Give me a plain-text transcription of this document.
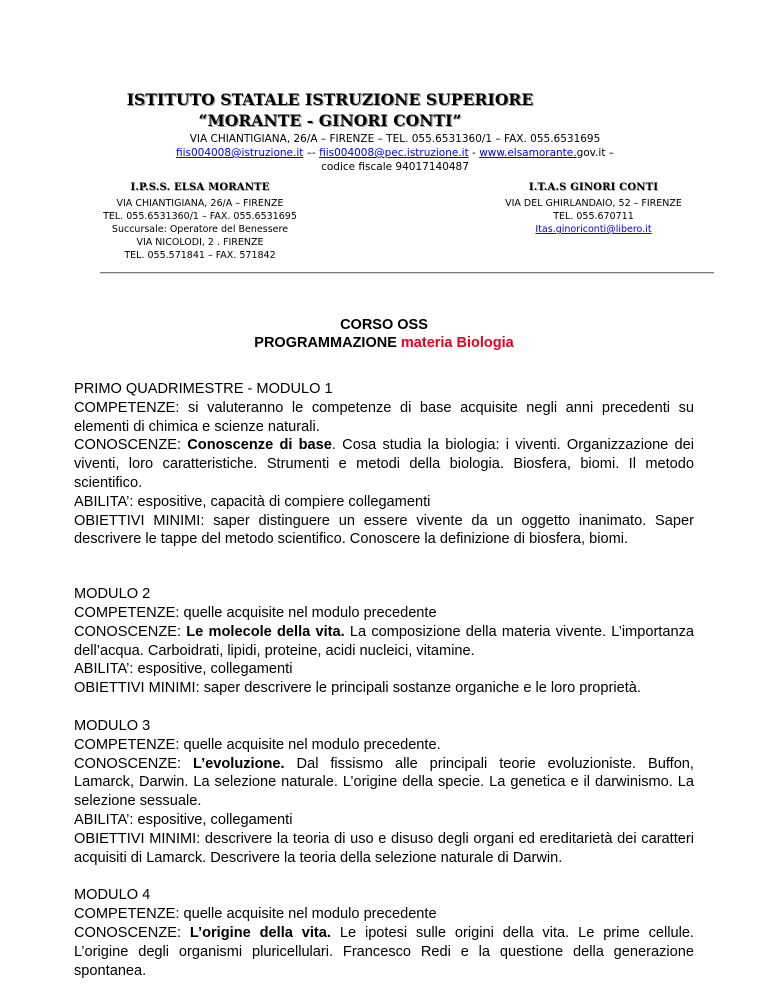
ISTITUTO STATALE ISTRUZIONE SUPERIORE
“MORANTE - GINORI CONTI”
VIA CHIANTIGIANA, 26/A – FIRENZE – TEL. 055.6531360/1 – FAX. 055.6531695
fiis004008@istruzione.it –- fiis004008@pec.istruzione.it - www.elsamorante.gov.it –
codice fiscale 94017140487
I.P.S.S. ELSA MORANTE
VIA CHIANTIGIANA, 26/A – FIRENZE
TEL. 055.6531360/1 – FAX. 055.6531695
Succursale: Operatore del Benessere
VIA NICOLODI, 2 . FIRENZE
TEL. 055.571841 – FAX. 571842
I.T.A.S GINORI CONTI
VIA DEL GHIRLANDAIO, 52 – FIRENZE
TEL. 055.670711
Itas.ginoriconti@libero.it
CORSO OSS
PROGRAMMAZIONE materia Biologia

PRIMO QUADRIMESTRE - MODULO 1

COMPETENZE: si valuteranno le competenze di base acquisite negli anni precedenti su elementi di chimica e scienze naturali.

CONOSCENZE: Conoscenze di base. Cosa studia la biologia: i viventi. Organizzazione dei viventi, loro caratteristiche. Strumenti e metodi della biologia. Biosfera, biomi. Il metodo scientifico.

ABILITA’: espositive, capacità di compiere collegamenti

OBIETTIVI MINIMI: saper distinguere un essere vivente da un oggetto inanimato. Saper descrivere le tappe del metodo scientifico. Conoscere la definizione di biosfera, biomi.

MODULO 2

COMPETENZE: quelle acquisite nel modulo precedente

CONOSCENZE: Le molecole della vita. La composizione della materia vivente. L’importanza dell’acqua. Carboidrati, lipidi, proteine, acidi nucleici, vitamine.

ABILITA’: espositive, collegamenti

OBIETTIVI MINIMI: saper descrivere le principali sostanze organiche e le loro proprietà.

MODULO 3

COMPETENZE: quelle acquisite nel modulo precedente.

CONOSCENZE: L’evoluzione. Dal fissismo alle principali teorie evoluzioniste. Buffon, Lamarck, Darwin. La selezione naturale. L’origine della specie. La genetica e il darwinismo. La selezione sessuale.

ABILITA’: espositive, collegamenti

OBIETTIVI MINIMI: descrivere la teoria di uso e disuso degli organi ed ereditarietà dei caratteri acquisiti di Lamarck. Descrivere la teoria della selezione naturale di Darwin.

MODULO 4

COMPETENZE: quelle acquisite nel modulo precedente

CONOSCENZE: L’origine della vita. Le ipotesi sulle origini della vita. Le prime cellule. L’origine degli organismi pluricellulari. Francesco Redi e la questione della generazione spontanea.
